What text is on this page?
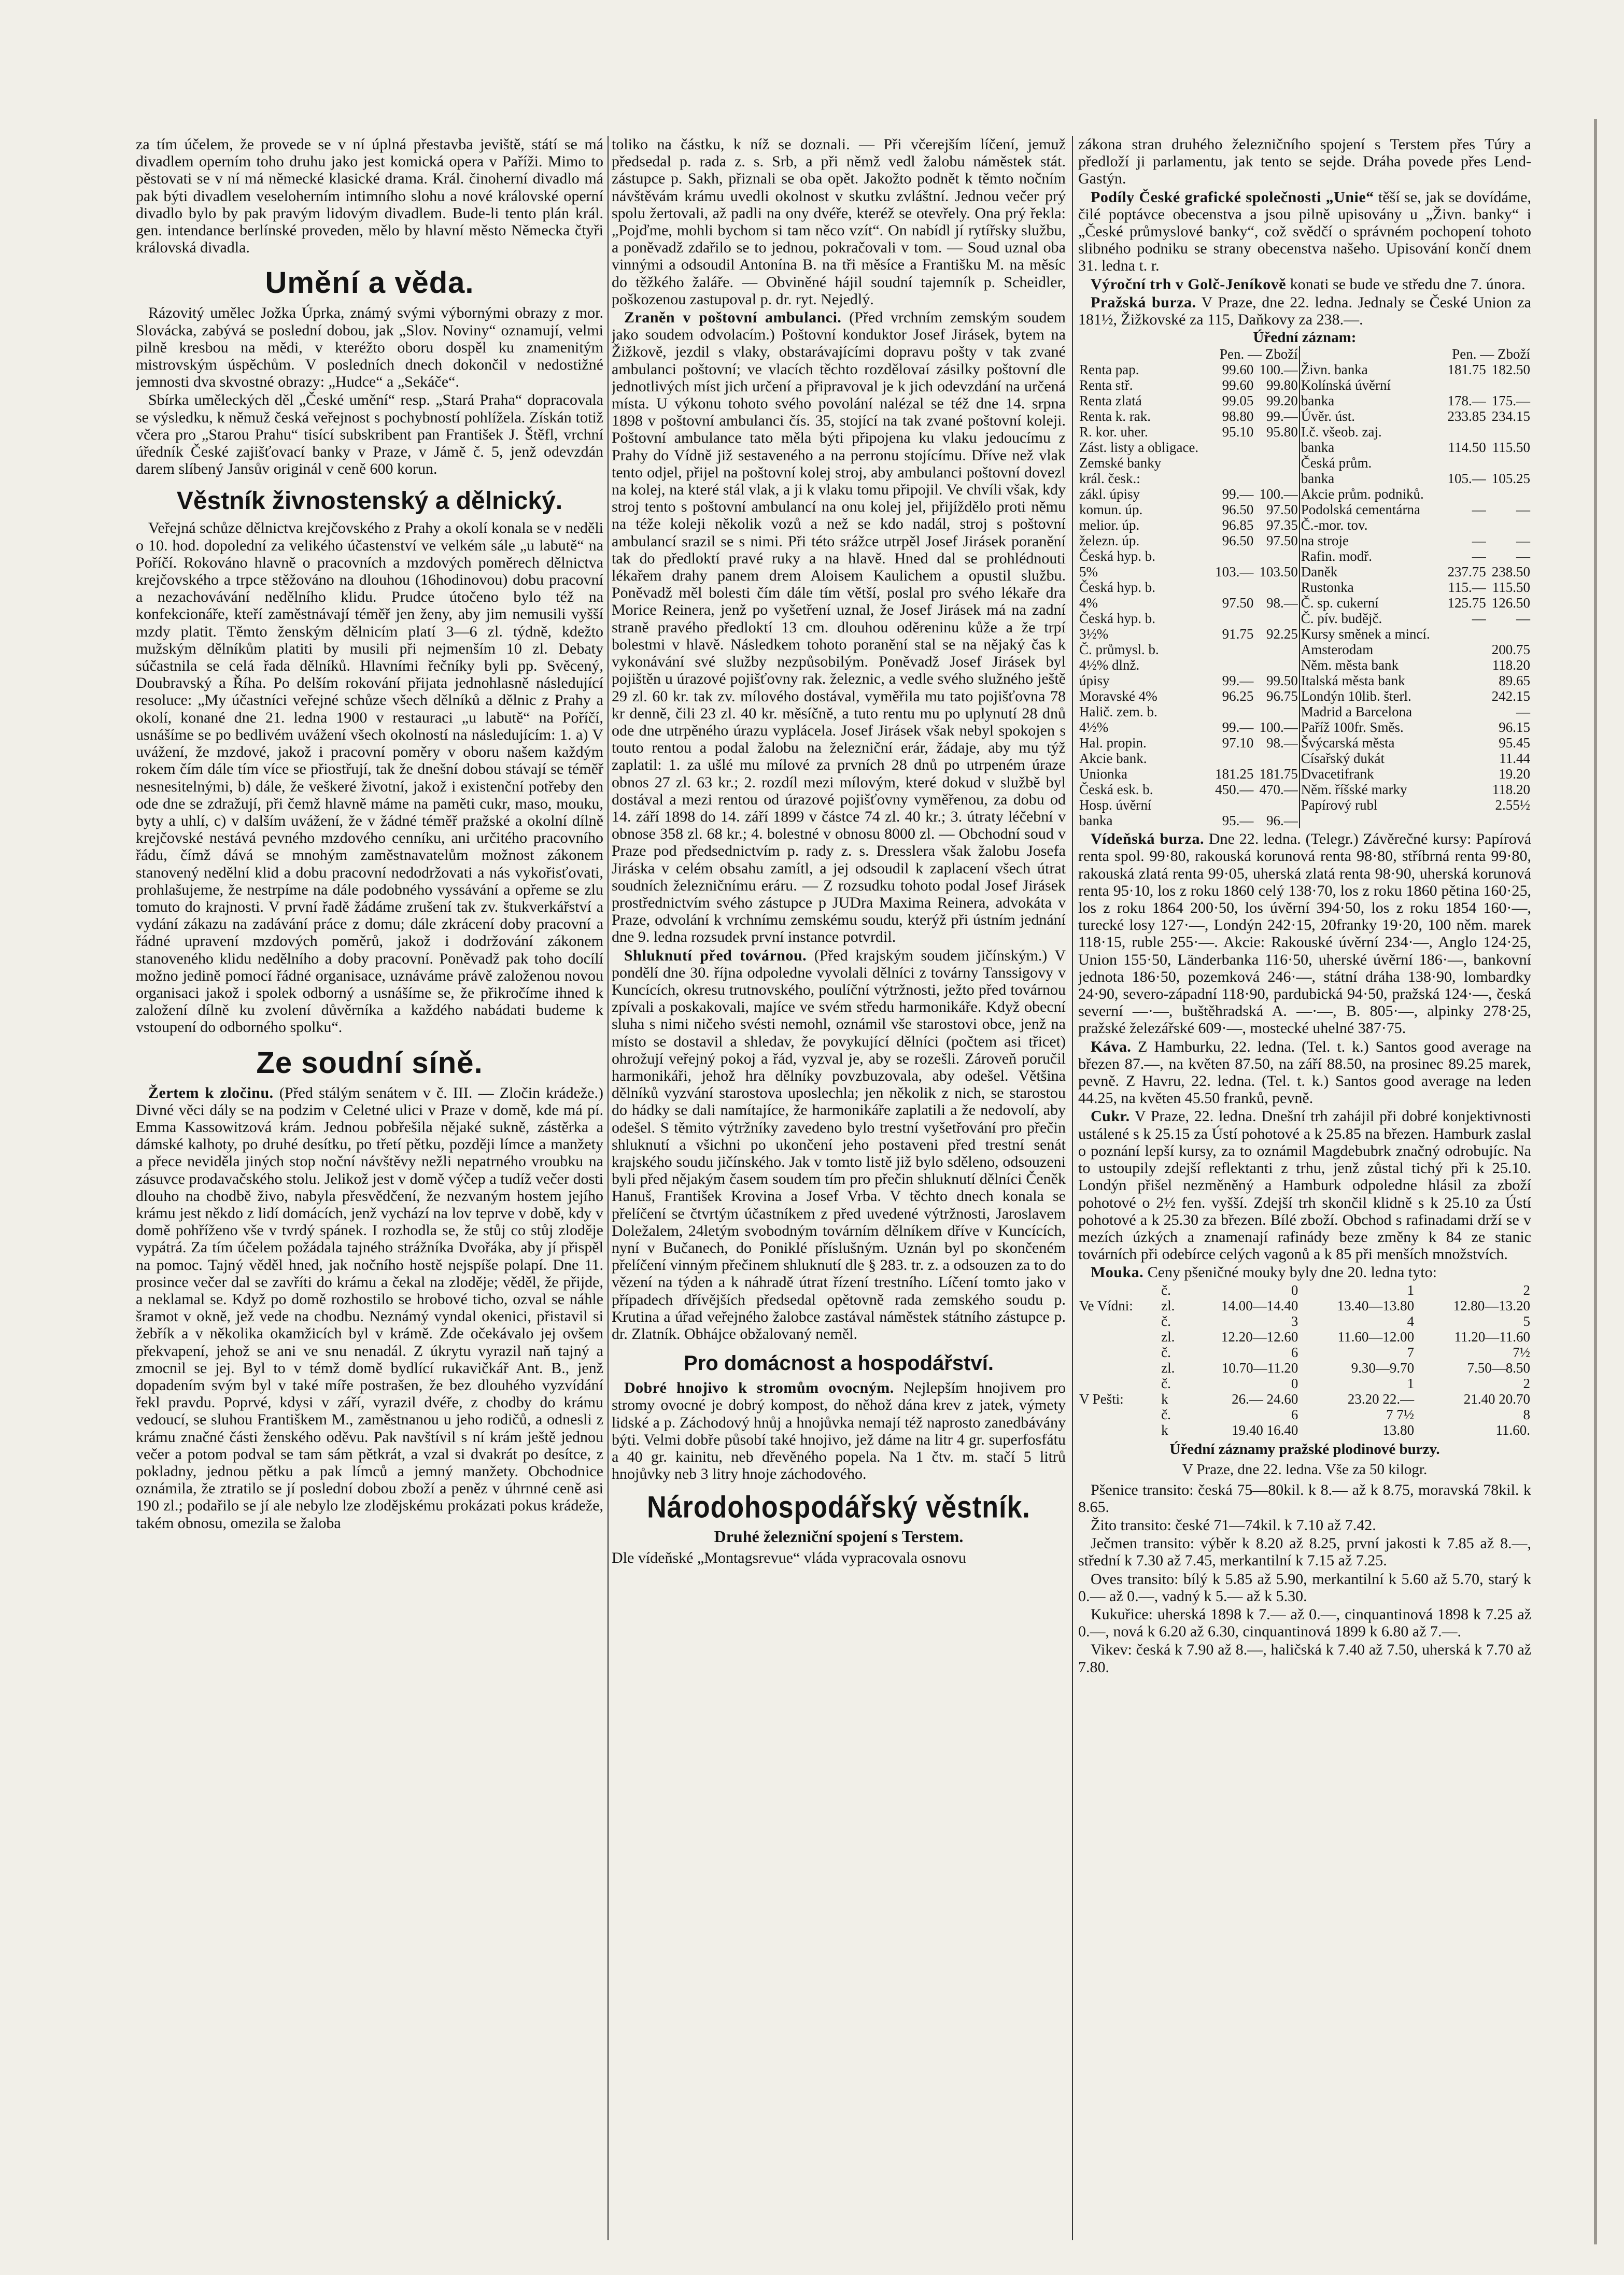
za tím účelem, že provede se v ní úplná přestavba jeviště, státí se má divadlem operním toho druhu jako jest komická opera v Paříži. Mimo to pěstovati se v ní má německé klasické drama. Král. činoherní divadlo má pak býti divadlem veseloherním intimního slohu a nové královské operní divadlo bylo by pak pravým lidovým divadlem. Bude-li tento plán král. gen. intendance berlínské proveden, mělo by hlavní město Německa čtyři královská divadla.

Umění a věda.

Rázovitý umělec Jožka Úprka, známý svými výbornými obrazy z mor. Slovácka, zabývá se poslední dobou, jak „Slov. Noviny“ oznamují, velmi pilně kresbou na mědi, v kteréžto oboru dospěl ku znamenitým mistrovským úspěchům. V posledních dnech dokončil v nedostižné jemnosti dva skvostné obrazy: „Hudce“ a „Sekáče“.

Sbírka uměleckých děl „České umění“ resp. „Stará Praha“ dopracovala se výsledku, k němuž česká veřejnost s pochybností pohlížela. Získán totiž včera pro „Starou Prahu“ tisící subskribent pan František J. Štěfl, vrchní úředník České zajišťovací banky v Praze, v Jámě č. 5, jenž odevzdán darem slíbený Jansův originál v ceně 600 korun.

Věstník živnostenský a dělnický.

Veřejná schůze dělnictva krejčovského z Prahy a okolí konala se v neděli o 10. hod. dopolední za velikého účastenství ve velkém sále „u labutě“ na Poříčí. Rokováno hlavně o pracovních a mzdových poměrech dělnictva krejčovského a trpce stěžováno na dlouhou (16hodinovou) dobu pracovní a nezachovávání nedělního klidu. Prudce útočeno bylo též na konfekcionáře, kteří zaměstnávají téměř jen ženy, aby jim nemusili vyšší mzdy platit. Těmto ženským dělnicím platí 3—6 zl. týdně, kdežto mužským dělníkům platiti by musili při nejmenším 10 zl. Debaty súčastnila se celá řada dělníků. Hlavními řečníky byli pp. Svěcený, Doubravský a Říha. Po delším rokování přijata jednohlasně následující resoluce: „My účastníci veřejné schůze všech dělníků a dělnic z Prahy a okolí, konané dne 21. ledna 1900 v restauraci „u labutě“ na Poříčí, usnášíme se po bedlivém uvážení všech okolností na následujícím: 1. a) V uvážení, že mzdové, jakož i pracovní poměry v oboru našem každým rokem čím dále tím více se přiostřují, tak že dnešní dobou stávají se téměř nesnesitelnými, b) dále, že veškeré životní, jakož i existenční potřeby den ode dne se zdražují, při čemž hlavně máme na paměti cukr, maso, mouku, byty a uhlí, c) v dalším uvážení, že v žádné téměř pražské a okolní dílně krejčovské nestává pevného mzdového cenníku, ani určitého pracovního řádu, čímž dává se mnohým zaměstnavatelům možnost zákonem stanovený nedělní klid a dobu pracovní nedodržovati a nás vykořisťovati, prohlašujeme, že nestrpíme na dále podobného vyssávání a opřeme se zlu tomuto do krajnosti. V první řadě žádáme zrušení tak zv. štukverkářství a vydání zákazu na zadávání práce z domu; dále zkrácení doby pracovní a řádné upravení mzdových poměrů, jakož i dodržování zákonem stanoveného klidu nedělního a doby pracovní. Poněvadž pak toho docílí možno jedině pomocí řádné organisace, uznáváme právě založenou novou organisaci jakož i spolek odborný a usnášíme se, že přikročíme ihned k založení dílně ku zvolení důvěrníka a každého nabádati budeme k vstoupení do odborného spolku“.

Ze soudní síně.

Žertem k zločinu. (Před stálým senátem v č. III. — Zločin krádeže.) Divné věci dály se na podzim v Celetné ulici v Praze v domě, kde má pí. Emma Kassowitzová krám. Jednou pobřešila nějaké sukně, zástěrka a dámské kalhoty, po druhé desítku, po třetí pětku, později límce a manžety a přece neviděla jiných stop noční návštěvy nežli nepatrného vroubku na zásuvce prodavačského stolu. Jelikož jest v domě výčep a tudíž večer dosti dlouho na chodbě živo, nabyla přesvědčení, že nezvaným hostem jejího krámu jest někdo z lidí domácích, jenž vychází na lov teprve v době, kdy v domě pohříženo vše v tvrdý spánek. I rozhodla se, že stůj co stůj zloděje vypátrá. Za tím účelem požádala tajného strážníka Dvořáka, aby jí přispěl na pomoc. Tajný věděl hned, jak nočního hostě nejspíše polapí. Dne 11. prosince večer dal se zavříti do krámu a čekal na zloděje; věděl, že přijde, a neklamal se. Když po domě rozhostilo se hrobové ticho, ozval se náhle šramot v okně, jež vede na chodbu. Neznámý vyndal okenici, přistavil si žebřík a v několika okamžicích byl v krámě. Zde očekávalo jej ovšem překvapení, jehož se ani ve snu nenadál. Z úkrytu vyrazil naň tajný a zmocnil se jej. Byl to v témž domě bydlící rukavičkář Ant. B., jenž dopadením svým byl v také míře postrašen, že bez dlouhého vyzvídání řekl pravdu. Poprvé, kdysi v září, vyrazil dvéře, z chodby do krámu vedoucí, se sluhou Františkem M., zaměstnanou u jeho rodičů, a odnesli z krámu značné části ženského oděvu. Pak navštívil s ní krám ještě jednou večer a potom podval se tam sám pětkrát, a vzal si dvakrát po desítce, z pokladny, jednou pětku a pak límců a jemný manžety. Obchodnice oznámila, že ztratilo se jí poslední dobou zboží a peněz v úhrnné ceně asi 190 zl.; podařilo se jí ale nebylo lze zlodějskému prokázati pokus krádeže, takém obnosu, omezila se žaloba

toliko na částku, k níž se doznali. — Při včerejším líčení, jemuž předsedal p. rada z. s. Srb, a při němž vedl žalobu náměstek stát. zástupce p. Sakh, přiznali se oba opět. Jakožto podnět k těmto nočním návštěvám krámu uvedli okolnost v skutku zvláštní. Jednou večer prý spolu žertovali, až padli na ony dvéře, kteréž se otevřely. Ona prý řekla: „Pojďme, mohli bychom si tam něco vzít“. On nabídl jí rytířsky službu, a poněvadž zdařilo se to jednou, pokračovali v tom. — Soud uznal oba vinnými a odsoudil Antonína B. na tři měsíce a Františku M. na měsíc do těžkého žaláře. — Obviněné hájil soudní tajemník p. Scheidler, poškozenou zastupoval p. dr. ryt. Nejedlý.

Zraněn v poštovní ambulanci. (Před vrchním zemským soudem jako soudem odvolacím.) Poštovní konduktor Josef Jirásek, bytem na Žižkově, jezdil s vlaky, obstarávajícími dopravu pošty v tak zvané ambulanci poštovní; ve vlacích těchto rozdělovaí zásilky poštovní dle jednotlivých míst jich určení a připravoval je k jich odevzdání na určená místa. U výkonu tohoto svého povolání nalézal se též dne 14. srpna 1898 v poštovní ambulanci čís. 35, stojící na tak zvané poštovní koleji. Poštovní ambulance tato měla býti připojena ku vlaku jedoucímu z Prahy do Vídně již sestaveného a na perronu stojícímu. Dříve než vlak tento odjel, přijel na poštovní kolej stroj, aby ambulanci poštovní dovezl na kolej, na které stál vlak, a ji k vlaku tomu připojil. Ve chvíli však, kdy stroj tento s poštovní ambulancí na onu kolej jel, přijíždělo proti němu na téže koleji několik vozů a než se kdo nadál, stroj s poštovní ambulancí srazil se s nimi. Při této srážce utrpěl Josef Jirásek poranění tak do předloktí pravé ruky a na hlavě. Hned dal se prohlédnouti lékařem drahy panem drem Aloisem Kaulichem a opustil službu. Poněvadž měl bolesti čím dále tím větší, poslal pro svého lékaře dra Morice Reinera, jenž po vyšetření uznal, že Josef Jirásek má na zadní straně pravého předloktí 13 cm. dlouhou oděreninu kůže a že trpí bolestmi v hlavě. Následkem tohoto poranění stal se na nějaký čas k vykonávání své služby nezpůsobilým. Poněvadž Josef Jirásek byl pojištěn u úrazové pojišťovny rak. železnic, a vedle svého služného ještě 29 zl. 60 kr. tak zv. mílového dostával, vyměřila mu tato pojišťovna 78 kr denně, čili 23 zl. 40 kr. měsíčně, a tuto rentu mu po uplynutí 28 dnů ode dne utrpěného úrazu vyplácela. Josef Jirásek však nebyl spokojen s touto rentou a podal žalobu na železniční erár, žádaje, aby mu týž zaplatil: 1. za ušlé mu mílové za prvních 28 dnů po utrpeném úraze obnos 27 zl. 63 kr.; 2. rozdíl mezi mílovým, které dokud v službě byl dostával a mezi rentou od úrazové pojišťovny vyměřenou, za dobu od 14. září 1898 do 14. září 1899 v částce 74 zl. 40 kr.; 3. útraty léčební v obnose 358 zl. 68 kr.; 4. bolestné v obnosu 8000 zl. — Obchodní soud v Praze pod předsednictvím p. rady z. s. Dresslera však žalobu Josefa Jiráska v celém obsahu zamítl, a jej odsoudil k zaplacení všech útrat soudních železničnímu eráru. — Z rozsudku tohoto podal Josef Jirásek prostřednictvím svého zástupce p JUDra Maxima Reinera, advokáta v Praze, odvolání k vrchnímu zemskému soudu, kterýž při ústním jednání dne 9. ledna rozsudek první instance potvrdil.

Shluknutí před továrnou. (Před krajským soudem jičínským.) V pondělí dne 30. října odpoledne vyvolali dělníci z továrny Tanssigovy v Kuncících, okresu trutnovského, poulíční výtržnosti, ježto před továrnou zpívali a poskakovali, majíce ve svém středu harmonikáře. Když obecní sluha s nimi ničeho svésti nemohl, oznámil vše starostovi obce, jenž na místo se dostavil a shledav, že povykující dělníci (počtem asi třicet) ohrožují veřejný pokoj a řád, vyzval je, aby se rozešli. Zároveň poručil harmonikáři, jehož hra dělníky povzbuzovala, aby odešel. Většina dělníků vyzvání starostova uposlechla; jen několik z nich, se starostou do hádky se dali namítajíce, že harmonikáře zaplatili a že nedovolí, aby odešel. S těmito výtržníky zavedeno bylo trestní vyšetřování pro přečin shluknutí a všichni po ukončení jeho postaveni před trestní senát krajského soudu jičínského. Jak v tomto listě již bylo sděleno, odsouzeni byli před nějakým časem soudem tím pro přečin shluknutí dělníci Čeněk Hanuš, František Krovina a Josef Vrba. V těchto dnech konala se přelíčení se čtvrtým účastníkem z před uvedené výtržnosti, Jaroslavem Doležalem, 24letým svobodným továrním dělníkem dříve v Kuncících, nyní v Bučanech, do Poniklé příslušným. Uznán byl po skončeném přelíčení vinným přečinem shluknutí dle § 283. tr. z. a odsouzen za to do vězení na týden a k náhradě útrat řízení trestního. Líčení tomto jako v případech dřívějších předsedal opětovně rada zemského soudu p. Krutina a úřad veřejného žalobce zastával náměstek státního zástupce p. dr. Zlatník. Obhájce obžalovaný neměl.

Pro domácnost a hospodářství.

Dobré hnojivo k stromům ovocným. Nejlepším hnojivem pro stromy ovocné je dobrý kompost, do něhož dána krev z jatek, výmety lidské a p. Záchodový hnůj a hnojůvka nemají též naprosto zanedbávány býti. Velmi dobře působí také hnojivo, jež dáme na litr 4 gr. superfosfátu a 40 gr. kainitu, neb dřevěného popela. Na 1 čtv. m. stačí 5 litrů hnojůvky neb 3 litry hnoje záchodového.

Národohospodářský věstník.
Druhé železniční spojení s Terstem.

Dle vídeňské „Montagsrevue“ vláda vypracovala osnovu

zákona stran druhého železničního spojení s Terstem přes Túry a předloží ji parlamentu, jak tento se sejde. Dráha povede přes Lend-Gastýn.

Podíly České grafické společnosti „Unie“ těší se, jak se dovídáme, čilé poptávce obecenstva a jsou pilně upisovány u „Živn. banky“ i „České průmyslové banky“, což svědčí o správném pochopení tohoto slibného podniku se strany obecenstva našeho. Upisování končí dnem 31. ledna t. r.

Výroční trh v Golč-Jeníkově konati se bude ve středu dne 7. února.

Pražská burza. V Praze, dne 22. ledna. Jednaly se České Union za 181½, Žižkovské za 115, Daňkovy za 238.—.

Úřední záznam:
	Pen. — Zboží			Pen. — Zboží	
Renta pap.	99.60	100.—	Živn. banka	181.75	182.50
Renta stř.	99.60	99.80	Kolínská úvěrní		
Renta zlatá	99.05	99.20	banka	178.—	175.—
Renta k. rak.	98.80	99.—	Úvěr. úst.	233.85	234.15
R. kor. uher.	95.10	95.80	I.č. všeob. zaj.		
Zást. listy a obligace.			banka	114.50	115.50
Zemské banky			Česká prům.		
král. česk.:			banka	105.—	105.25
zákl. úpisy	99.—	100.—	Akcie prům. podniků.		
komun. úp.	96.50	97.50	Podolská cementárna	—	—
melior. úp.	96.85	97.35	Č.-mor. tov.		
železn. úp.	96.50	97.50	na stroje	—	—
Česká hyp. b.			Rafin. modř.	—	—
5%	103.—	103.50	Daněk	237.75	238.50
Česká hyp. b.			Rustonka	115.—	115.50
4%	97.50	98.—	Č. sp. cukerní	125.75	126.50
Česká hyp. b.			Č. pív. budějč.	—	—
3½%	91.75	92.25	Kursy směnek a mincí.		
Č. průmysl. b.			Amsterodam		200.75
4½% dlnž.			Něm. města bank		118.20
úpisy	99.—	99.50	Italská města bank		89.65
Moravské 4%	96.25	96.75	Londýn 10lib. šterl.		242.15
Halič. zem. b.			Madrid a Barcelona		—
4½%	99.—	100.—	Paříž 100fr. Směs.		96.15
Hal. propin.	97.10	98.—	Švýcarská města		95.45
Akcie bank.			Císařský dukát		11.44
Unionka	181.25	181.75	Dvacetifrank		19.20
Česká esk. b.	450.—	470.—	Něm. říšské marky		118.20
Hosp. úvěrní			Papírový rubl		2.55½
banka	95.—	96.—			

Vídeňská burza. Dne 22. ledna. (Telegr.) Závěrečné kursy: Papírová renta spol. 99·80, rakouská korunová renta 98·80, stříbrná renta 99·80, rakouská zlatá renta 99·05, uherská zlatá renta 98·90, uherská korunová renta 95·10, los z roku 1860 celý 138·70, los z roku 1860 pětina 160·25, los z roku 1864 200·50, los úvěrní 394·50, los z roku 1854 160·—, turecké losy 127·—, Londýn 242·15, 20franky 19·20, 100 něm. marek 118·15, ruble 255·—. Akcie: Rakouské úvěrní 234·—, Anglo 124·25, Union 155·50, Länderbanka 116·50, uherské úvěrní 186·—, bankovní jednota 186·50, pozemková 246·—, státní dráha 138·90, lombardky 24·90, severo-západní 118·90, pardubická 94·50, pražská 124·—, česká severní —·—, buštěhradská A. —·—, B. 805·—, alpinky 278·25, pražské železářské 609·—, mostecké uhelné 387·75.

Káva. Z Hamburku, 22. ledna. (Tel. t. k.) Santos good average na březen 87.—, na květen 87.50, na září 88.50, na prosinec 89.25 marek, pevně. Z Havru, 22. ledna. (Tel. t. k.) Santos good average na leden 44.25, na květen 45.50 franků, pevně.

Cukr. V Praze, 22. ledna. Dnešní trh zahájil při dobré konjektivnosti ustálené s k 25.15 za Ústí pohotové a k 25.85 na březen. Hamburk zaslal o poznání lepší kursy, za to oznámil Magdebubrk značný odrobujíc. Na to ustoupily zdejší reflektanti z trhu, jenž zůstal tichý při k 25.10. Londýn přišel nezměněný a Hamburk odpoledne hlásil za zboží pohotové o 2½ fen. vyšší. Zdejší trh skončil klidně s k 25.10 za Ústí pohotové a k 25.30 za březen. Bílé zboží. Obchod s rafinadami drží se v mezích úzkých a znamenají rafinády beze změny k 84 ze stanic továrních při odebírce celých vagonů a k 85 při menších množstvích.

Mouka. Ceny pšeničné mouky byly dne 20. ledna tyto:

	č.	0	1	2
Ve Vídni:	zl.	14.00—14.40	13.40—13.80	12.80—13.20
	č.	3	4	5
	zl.	12.20—12.60	11.60—12.00	11.20—11.60
	č.	6	7	7½
	zl.	10.70—11.20	9.30—9.70	7.50—8.50
	č.	0	1	2
V Pešti:	k	26.— 24.60	23.20 22.—	21.40 20.70
	č.	6	7 7½	8
	k	19.40 16.40	13.80	11.60.
Úřední záznamy pražské plodinové burzy.
V Praze, dne 22. ledna. Vše za 50 kilogr.

Pšenice transito: česká 75—80kil. k 8.— až k 8.75, moravská 78kil. k 8.65.

Žito transito: české 71—74kil. k 7.10 až 7.42.

Ječmen transito: výběr k 8.20 až 8.25, první jakosti k 7.85 až 8.—, střední k 7.30 až 7.45, merkantilní k 7.15 až 7.25.

Oves transito: bílý k 5.85 až 5.90, merkantilní k 5.60 až 5.70, starý k 0.— až 0.—, vadný k 5.— až k 5.30.

Kukuřice: uherská 1898 k 7.— až 0.—, cinquantinová 1898 k 7.25 až 0.—, nová k 6.20 až 6.30, cinquantinová 1899 k 6.80 až 7.—.

Vikev: česká k 7.90 až 8.—, haličská k 7.40 až 7.50, uherská k 7.70 až 7.80.
